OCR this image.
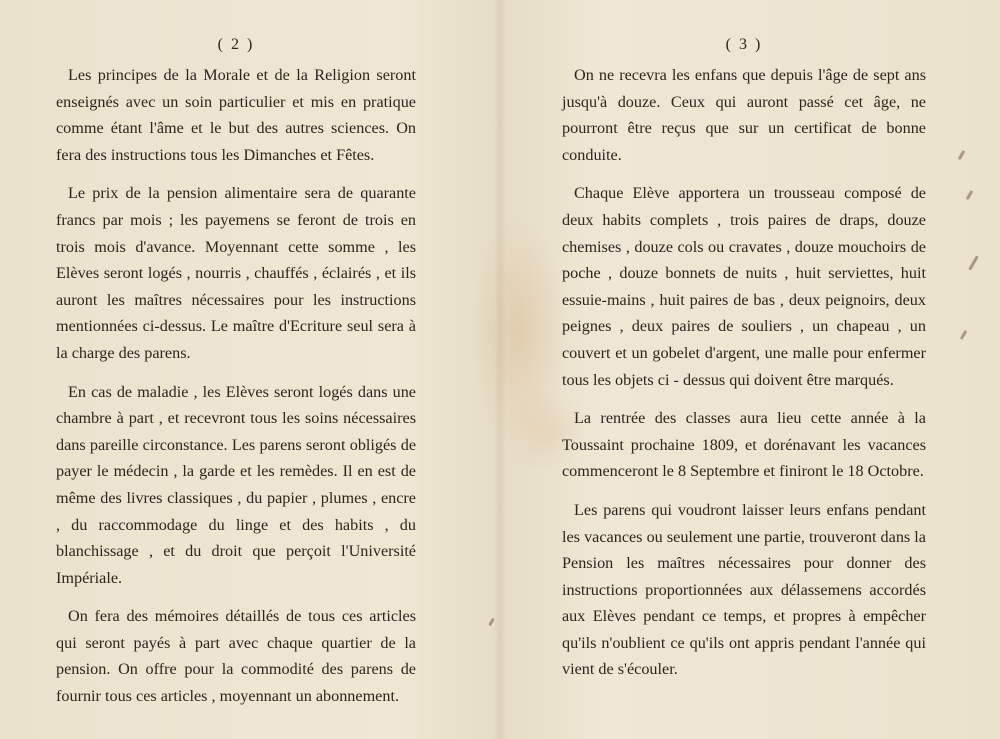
( 2 )

Les principes de la Morale et de la Religion seront enseignés avec un soin particulier et mis en pratique comme étant l'âme et le but des autres sciences. On fera des instructions tous les Dimanches et Fêtes.

Le prix de la pension alimentaire sera de quarante francs par mois ; les payemens se feront de trois en trois mois d'avance. Moyennant cette somme , les Elèves seront logés , nourris , chauffés , éclairés , et ils auront les maîtres nécessaires pour les instructions mentionnées ci-dessus. Le maître d'Ecriture seul sera à la charge des parens.

En cas de maladie , les Elèves seront logés dans une chambre à part , et recevront tous les soins nécessaires dans pareille circonstance. Les parens seront obligés de payer le médecin , la garde et les remèdes. Il en est de même des livres classiques , du papier , plumes , encre , du raccommodage du linge et des habits , du blanchissage , et du droit que perçoit l'Université Impériale.

On fera des mémoires détaillés de tous ces articles qui seront payés à part avec chaque quartier de la pension. On offre pour la commodité des parens de fournir tous ces articles , moyennant un abonnement.

( 3 )

On ne recevra les enfans que depuis l'âge de sept ans jusqu'à douze. Ceux qui auront passé cet âge, ne pourront être reçus que sur un certificat de bonne conduite.

Chaque Elève apportera un trousseau composé de deux habits complets , trois paires de draps, douze chemises , douze cols ou cravates , douze mouchoirs de poche , douze bonnets de nuits , huit serviettes, huit essuie-mains , huit paires de bas , deux peignoirs, deux peignes , deux paires de souliers , un chapeau , un couvert et un gobelet d'argent, une malle pour enfermer tous les objets ci - dessus qui doivent être marqués.

La rentrée des classes aura lieu cette année à la Toussaint prochaine 1809, et dorénavant les vacances commenceront le 8 Septembre et finiront le 18 Octobre.

Les parens qui voudront laisser leurs enfans pendant les vacances ou seulement une partie, trouveront dans la Pension les maîtres nécessaires pour donner des instructions proportionnées aux délassemens accordés aux Elèves pendant ce temps, et propres à empêcher qu'ils n'oublient ce qu'ils ont appris pendant l'année qui vient de s'écouler.
